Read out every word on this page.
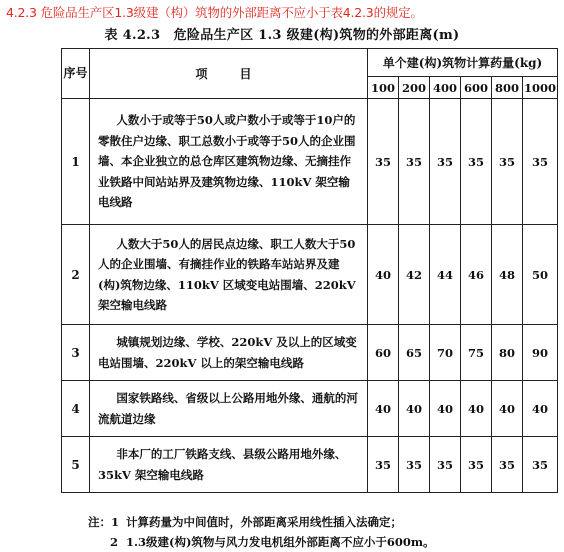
4.2.3 危险品生产区1.3级建（构）筑物的外部距离不应小于表4.2.3的规定。
表 4.2.3　危险品生产区 1.3 级建(构)筑物的外部距离(m)
序号	项　目	单个建(构)筑物计算药量(kg)					
		100	200	400	600	800	1000
1	人数小于或等于50人或户数小于或等于10户的零散住户边缘、职工总数小于或等于50人的企业围墙、本企业独立的总仓库区建筑物边缘、无摘挂作业铁路中间站站界及建筑物边缘、110kV 架空输电线路	35	35	35	35	35	35
2	人数大于50人的居民点边缘、职工人数大于50人的企业围墙、有摘挂作业的铁路车站站界及建(构)筑物边缘、110kV 区域变电站围墙、220kV 架空输电线路	40	42	44	46	48	50
3	城镇规划边缘、学校、220kV 及以上的区域变电站围墙、220kV 以上的架空输电线路	60	65	70	75	80	90
4	国家铁路线、省级以上公路用地外缘、通航的河流航道边缘	40	40	40	40	40	40
5	非本厂的工厂铁路支线、县级公路用地外缘、35kV 架空输电线路	35	35	35	35	35	35
注：1 计算药量为中间值时，外部距离采用线性插入法确定；
2 1.3级建(构)筑物与风力发电机组外部距离不应小于600m。
